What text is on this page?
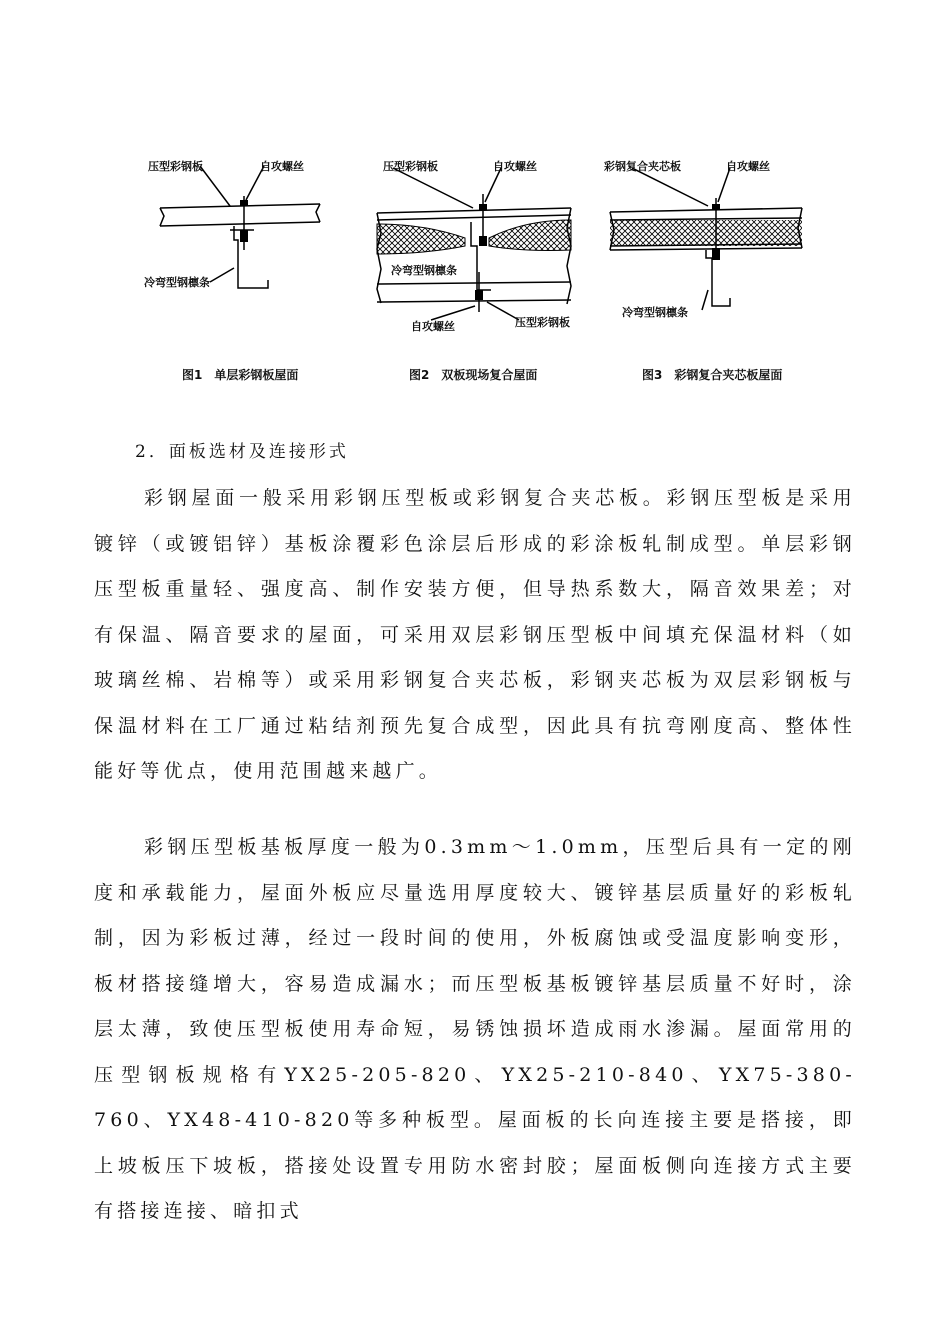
压型彩钢板	自攻螺丝
冷弯型钢檩条
图1　单层彩钢板屋面
压型彩钢板	自攻螺丝
冷弯型钢檩条
自攻螺丝	压型彩钢板
图2　双板现场复合屋面
彩钢复合夹芯板	自攻螺丝
冷弯型钢檩条
图3　彩钢复合夹芯板屋面
2．面板选材及连接形式
彩钢屋面一般采用彩钢压型板或彩钢复合夹芯板。彩钢压型板是采用镀锌（或镀铝锌）基板涂覆彩色涂层后形成的彩涂板轧制成型。单层彩钢压型板重量轻、强度高、制作安装方便，但导热系数大，隔音效果差；对有保温、隔音要求的屋面，可采用双层彩钢压型板中间填充保温材料（如玻璃丝棉、岩棉等）或采用彩钢复合夹芯板，彩钢夹芯板为双层彩钢板与保温材料在工厂通过粘结剂预先复合成型，因此具有抗弯刚度高、整体性能好等优点，使用范围越来越广。
彩钢压型板基板厚度一般为0.3mm～1.0mm，压型后具有一定的刚度和承载能力，屋面外板应尽量选用厚度较大、镀锌基层质量好的彩板轧制，因为彩板过薄，经过一段时间的使用，外板腐蚀或受温度影响变形，板材搭接缝增大，容易造成漏水；而压型板基板镀锌基层质量不好时，涂层太薄，致使压型板使用寿命短，易锈蚀损坏造成雨水渗漏。屋面常用的压型钢板规格有YX25-205-820、YX25-210-840、YX75-380-760、YX48-410-820等多种板型。屋面板的长向连接主要是搭接，即上坡板压下坡板，搭接处设置专用防水密封胶；屋面板侧向连接方式主要有搭接连接、暗扣式
